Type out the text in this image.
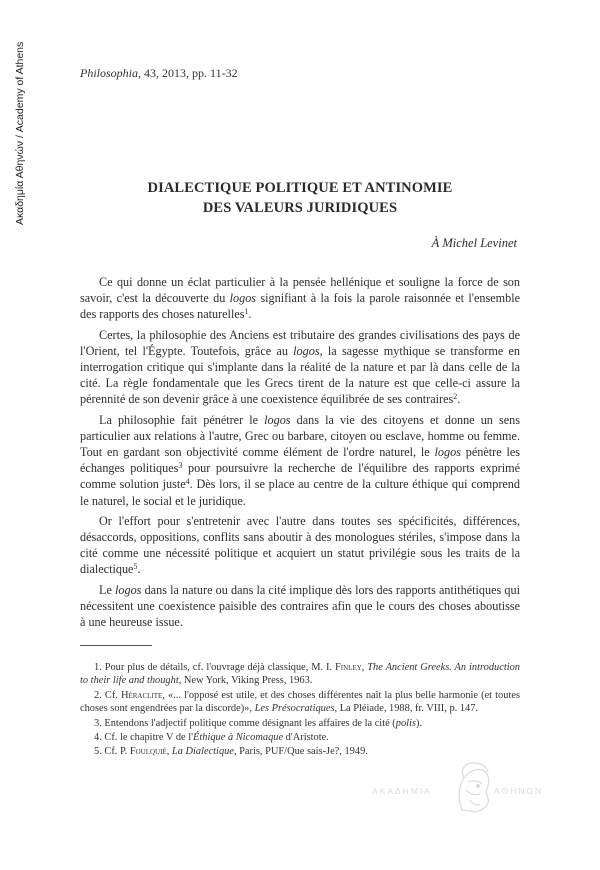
Ακαδημία Αθηνών / Academy of Athens	Philosophia, 43, 2013, pp. 11-32
DIALECTIQUE POLITIQUE ET ANTINOMIE
DES VALEURS JURIDIQUES
À Michel Levinet

Ce qui donne un éclat particulier à la pensée hellénique et souligne la force de son savoir, c'est la découverte du logos signifiant à la fois la parole raisonnée et l'ensemble des rapports des choses naturelles$^1$.

Certes, la philosophie des Anciens est tributaire des grandes civilisations des pays de l'Orient, tel l'Égypte. Toutefois, grâce au logos, la sagesse mythique se transforme en interrogation critique qui s'implante dans la réalité de la nature et par là dans celle de la cité. La règle fondamentale que les Grecs tirent de la nature est que celle-ci assure la pérennité de son devenir grâce à une coexistence équilibrée de ses contraires$^2$.

La philosophie fait pénétrer le logos dans la vie des citoyens et donne un sens particulier aux relations à l'autre, Grec ou barbare, citoyen ou esclave, homme ou femme. Tout en gardant son objectivité comme élément de l'ordre naturel, le logos pénètre les échanges politiques$^3$ pour poursuivre la recherche de l'équilibre des rapports exprimé comme solution juste$^4$. Dès lors, il se place au centre de la culture éthique qui comprend le naturel, le social et le juridique.

Or l'effort pour s'entretenir avec l'autre dans toutes ses spécificités, différences, désaccords, oppositions, conflits sans aboutir à des monologues stériles, s'impose dans la cité comme une nécessité politique et acquiert un statut privilégie sous les traits de la dialectique$^5$.

Le logos dans la nature ou dans la cité implique dès lors des rapports antithétiques qui nécessitent une coexistence paisible des contraires afin que le cours des choses aboutisse à une heureuse issue.

1. Pour plus de détails, cf. l'ouvrage déjà classique, M. I. Finley, The Ancient Greeks. An introduction to their life and thought, New York, Viking Press, 1963.

2. Cf. Héraclite, «... l'opposé est utile, et des choses différentes naît la plus belle harmonie (et toutes choses sont engendrées par la discorde)», Les Présocratiques, La Pléiade, 1988, fr. VIII, p. 147.

3. Entendons l'adjectif politique comme désignant les affaires de la cité (polis).

4. Cf. le chapitre V de l'Éthique à Nicomaque d'Aristote.

5. Cf. P. Foulquié, La Dialectique, Paris, PUF/Que sais-Je?, 1949.

AKAΔHMIA	AΘHNΩN
